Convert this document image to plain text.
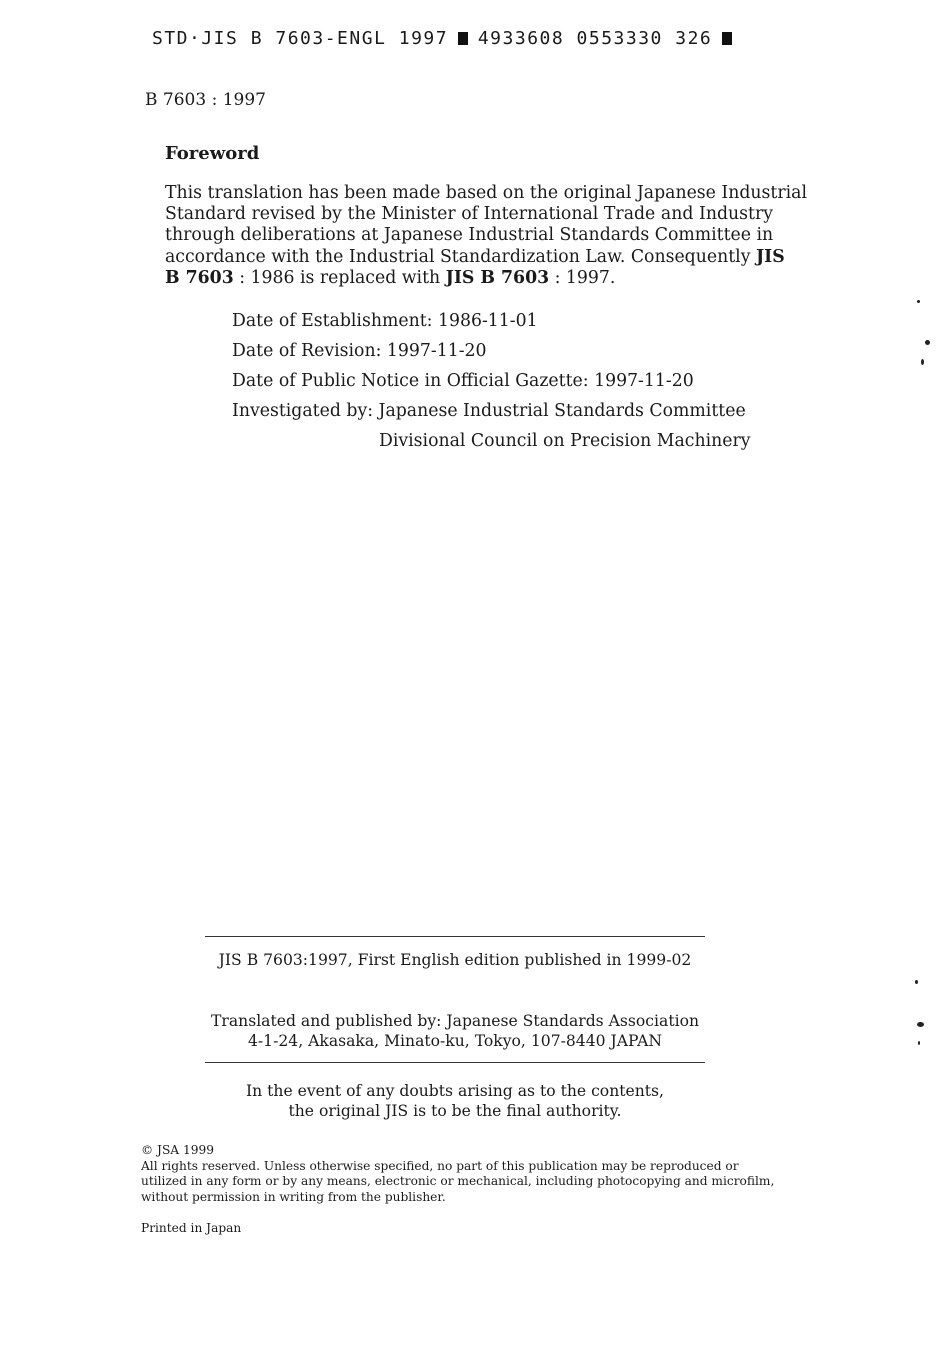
STD·JIS B 7603-ENGL 1997 4933608 0553330 326
B 7603 : 1997
Foreword
This translation has been made based on the original Japanese Industrial
Standard revised by the Minister of International Trade and Industry
through deliberations at Japanese Industrial Standards Committee in
accordance with the Industrial Standardization Law. Consequently JIS
B 7603 : 1986 is replaced with JIS B 7603 : 1997.
Date of Establishment: 1986-11-01
Date of Revision: 1997-11-20
Date of Public Notice in Official Gazette: 1997-11-20
Investigated by: Japanese Industrial Standards Committee
Divisional Council on Precision Machinery
JIS B 7603:1997, First English edition published in 1999-02
Translated and published by: Japanese Standards Association
4-1-24, Akasaka, Minato-ku, Tokyo, 107-8440 JAPAN
In the event of any doubts arising as to the contents,
the original JIS is to be the final authority.
© JSA 1999
All rights reserved. Unless otherwise specified, no part of this publication may be reproduced or
utilized in any form or by any means, electronic or mechanical, including photocopying and microfilm,
without permission in writing from the publisher.
Printed in Japan
